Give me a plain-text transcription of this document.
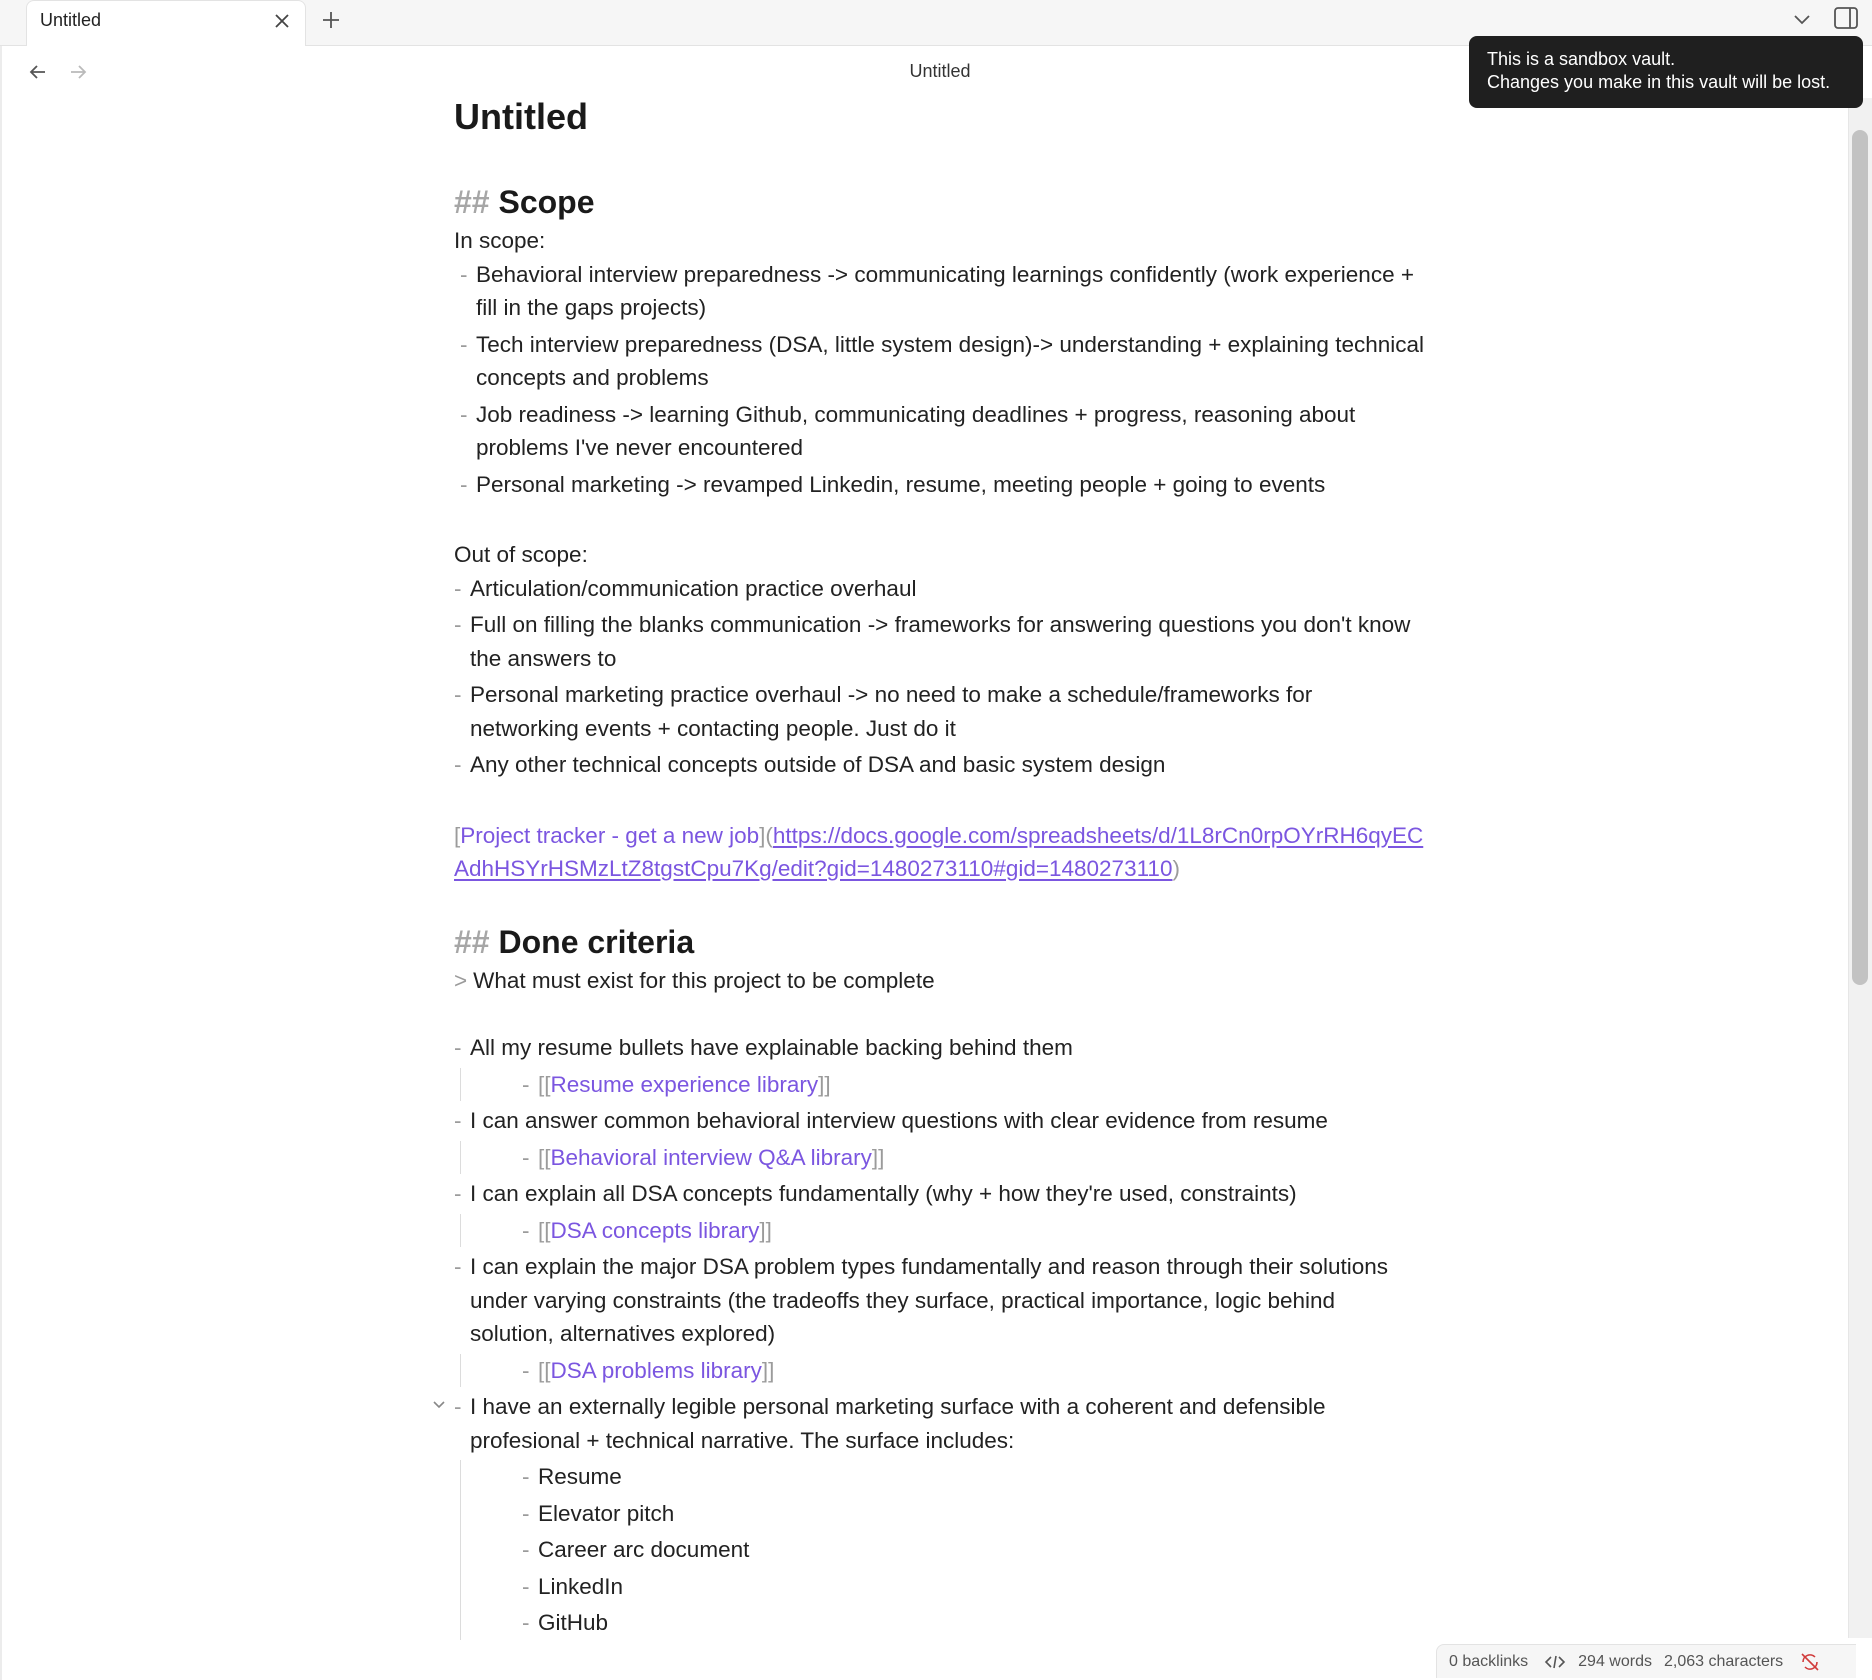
Untitled
Untitled
This is a sandbox vault.
Changes you make in this vault will be lost.
Untitled
## Scope
In scope:
- Behavioral interview preparedness -> communicating learnings confidently (work experience + fill in the gaps projects)
- Tech interview preparedness (DSA, little system design)-> understanding + explaining technical concepts and problems
- Job readiness -> learning Github, communicating deadlines + progress, reasoning about problems I've never encountered
- Personal marketing -> revamped Linkedin, resume, meeting people + going to events
Out of scope:
- Articulation/communication practice overhaul
- Full on filling the blanks communication -> frameworks for answering questions you don't know the answers to
- Personal marketing practice overhaul -> no need to make a schedule/frameworks for networking events + contacting people. Just do it
- Any other technical concepts outside of DSA and basic system design
[Project tracker - get a new job](https://docs.google.com/spreadsheets/d/1L8rCn0rpOYrRH6qyECAdhHSYrHSMzLtZ8tgstCpu7Kg/edit?gid=1480273110#gid=1480273110)
## Done criteria
> What must exist for this project to be complete
- All my resume bullets have explainable backing behind them
- [[Resume experience library]]
- I can answer common behavioral interview questions with clear evidence from resume
- [[Behavioral interview Q&A library]]
- I can explain all DSA concepts fundamentally (why + how they're used, constraints)
- [[DSA concepts library]]
- I can explain the major DSA problem types fundamentally and reason through their solutions under varying constraints (the tradeoffs they surface, practical importance, logic behind solution, alternatives explored)
- [[DSA problems library]]
- I have an externally legible personal marketing surface with a coherent and defensible profesional + technical narrative. The surface includes:
- Resume
- Elevator pitch
- Career arc document
- LinkedIn
- GitHub
0 backlinks	294 words 2,063 characters
